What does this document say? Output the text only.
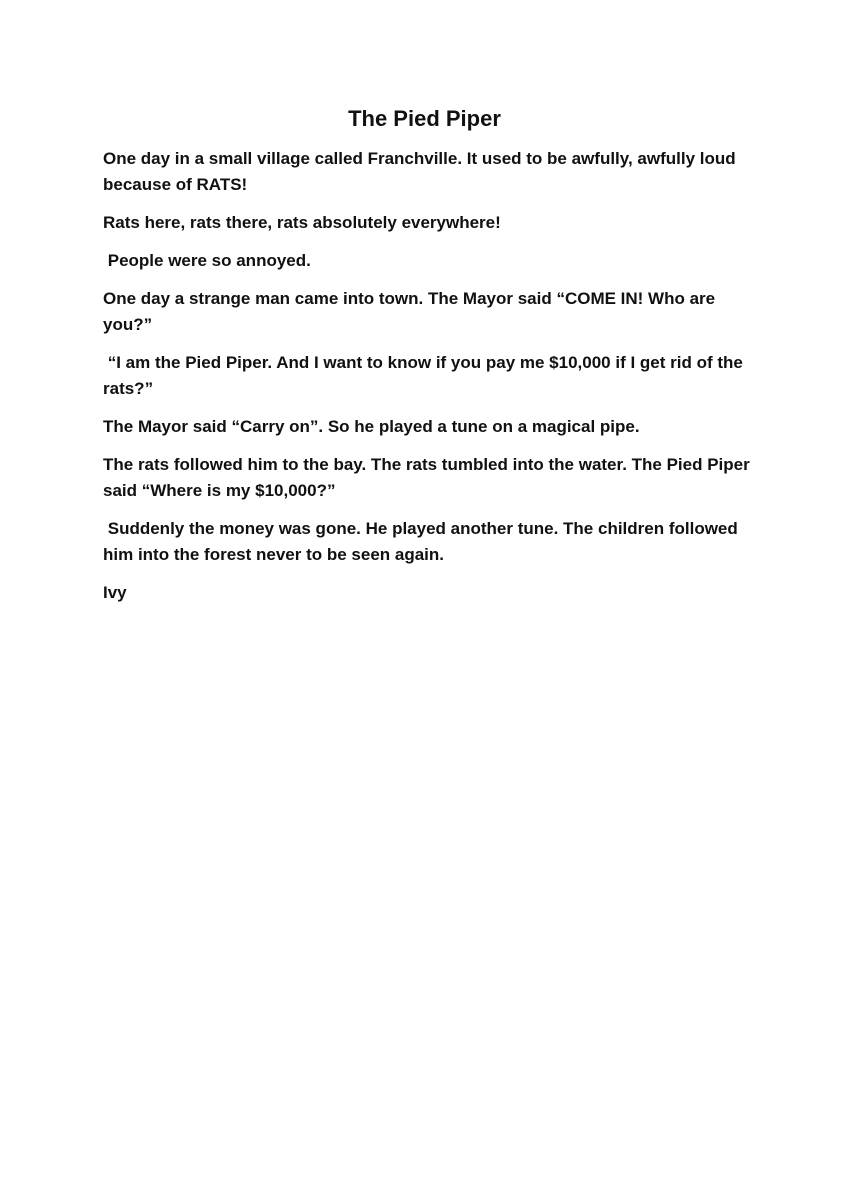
The Pied Piper

One day in a small village called Franchville. It used to be awfully, awfully loud because of RATS!

Rats here, rats there, rats absolutely everywhere!

People were so annoyed.

One day a strange man came into town. The Mayor said “COME IN! Who are you?”

“I am the Pied Piper. And I want to know if you pay me $10,000 if I get rid of the rats?”

The Mayor said “Carry on”. So he played a tune on a magical pipe.

The rats followed him to the bay. The rats tumbled into the water. The Pied Piper said “Where is my $10,000?”

Suddenly the money was gone. He played another tune. The children followed him into the forest never to be seen again.

Ivy
